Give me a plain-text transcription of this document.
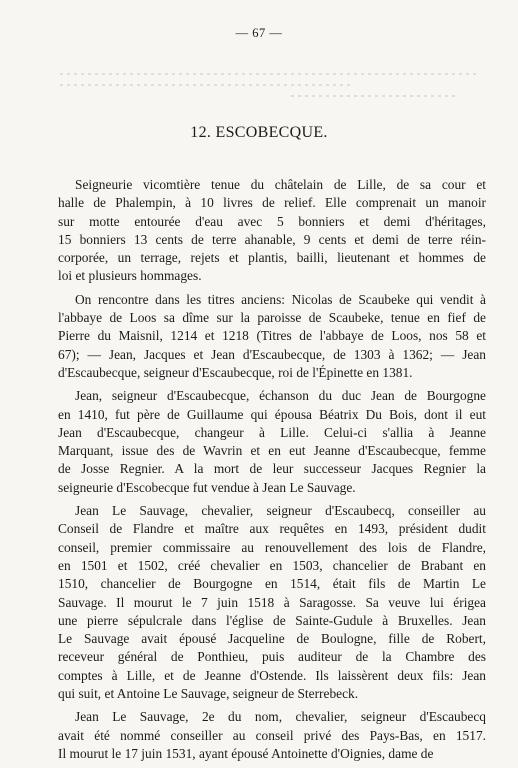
— 67 —
12. ESCOBECQUE.
Seigneurie vicomtière tenue du châtelain de Lille, de sa cour et
halle de Phalempin, à 10 livres de relief. Elle comprenait un manoir
sur motte entourée d'eau avec 5 bonniers et demi d'héritages,
15 bonniers 13 cents de terre ahanable, 9 cents et demi de terre réin-
corporée, un terrage, rejets et plantis, bailli, lieutenant et hommes de
loi et plusieurs hommages.
On rencontre dans les titres anciens: Nicolas de Scaubeke qui vendit à
l'abbaye de Loos sa dîme sur la paroisse de Scaubeke, tenue en fief de
Pierre du Maisnil, 1214 et 1218 (Titres de l'abbaye de Loos, nos 58 et
67); — Jean, Jacques et Jean d'Escaubecque, de 1303 à 1362; — Jean
d'Escaubecque, seigneur d'Escaubecque, roi de l'Épinette en 1381.
Jean, seigneur d'Escaubecque, échanson du duc Jean de Bourgogne
en 1410, fut père de Guillaume qui épousa Béatrix Du Bois, dont il eut
Jean d'Escaubecque, changeur à Lille. Celui-ci s'allia à Jeanne
Marquant, issue des de Wavrin et en eut Jeanne d'Escaubecque, femme
de Josse Regnier. A la mort de leur successeur Jacques Regnier la
seigneurie d'Escobecque fut vendue à Jean Le Sauvage.
Jean Le Sauvage, chevalier, seigneur d'Escaubecq, conseiller au
Conseil de Flandre et maître aux requêtes en 1493, président dudit
conseil, premier commissaire au renouvellement des lois de Flandre,
en 1501 et 1502, créé chevalier en 1503, chancelier de Brabant en
1510, chancelier de Bourgogne en 1514, était fils de Martin Le
Sauvage. Il mourut le 7 juin 1518 à Saragosse. Sa veuve lui érigea
une pierre sépulcrale dans l'église de Sainte-Gudule à Bruxelles. Jean
Le Sauvage avait épousé Jacqueline de Boulogne, fille de Robert,
receveur général de Ponthieu, puis auditeur de la Chambre des
comptes à Lille, et de Jeanne d'Ostende. Ils laissèrent deux fils: Jean
qui suit, et Antoine Le Sauvage, seigneur de Sterrebeck.
Jean Le Sauvage, 2e du nom, chevalier, seigneur d'Escaubecq
avait été nommé conseiller au conseil privé des Pays-Bas, en 1517.
Il mourut le 17 juin 1531, ayant épousé Antoinette d'Oignies, dame de
